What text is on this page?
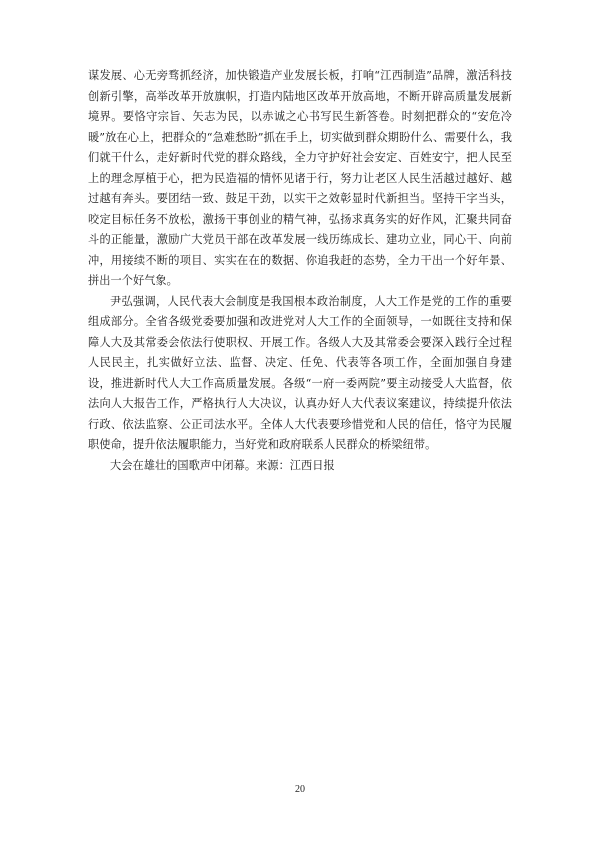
谋发展、心无旁骛抓经济，加快锻造产业发展长板，打响“江西制造”品牌，激活科技创新引擎，高举改革开放旗帜，打造内陆地区改革开放高地，不断开辟高质量发展新境界。要恪守宗旨、矢志为民，以赤诚之心书写民生新答卷。时刻把群众的“安危冷暖”放在心上，把群众的“急难愁盼”抓在手上，切实做到群众期盼什么、需要什么，我们就干什么，走好新时代党的群众路线，全力守护好社会安定、百姓安宁，把人民至上的理念厚植于心，把为民造福的情怀见诸于行，努力让老区人民生活越过越好、越过越有奔头。要团结一致、鼓足干劲，以实干之效彰显时代新担当。坚持干字当头，咬定目标任务不放松，激扬干事创业的精气神，弘扬求真务实的好作风，汇聚共同奋斗的正能量，激励广大党员干部在改革发展一线历练成长、建功立业，同心干、向前冲，用接续不断的项目、实实在在的数据、你追我赶的态势，全力干出一个好年景、拼出一个好气象。

尹弘强调，人民代表大会制度是我国根本政治制度，人大工作是党的工作的重要组成部分。全省各级党委要加强和改进党对人大工作的全面领导，一如既往支持和保障人大及其常委会依法行使职权、开展工作。各级人大及其常委会要深入践行全过程人民民主，扎实做好立法、监督、决定、任免、代表等各项工作，全面加强自身建设，推进新时代人大工作高质量发展。各级“一府一委两院”要主动接受人大监督，依法向人大报告工作，严格执行人大决议，认真办好人大代表议案建议，持续提升依法行政、依法监察、公正司法水平。全体人大代表要珍惜党和人民的信任，恪守为民履职使命，提升依法履职能力，当好党和政府联系人民群众的桥梁纽带。

大会在雄壮的国歌声中闭幕。来源：江西日报

20
